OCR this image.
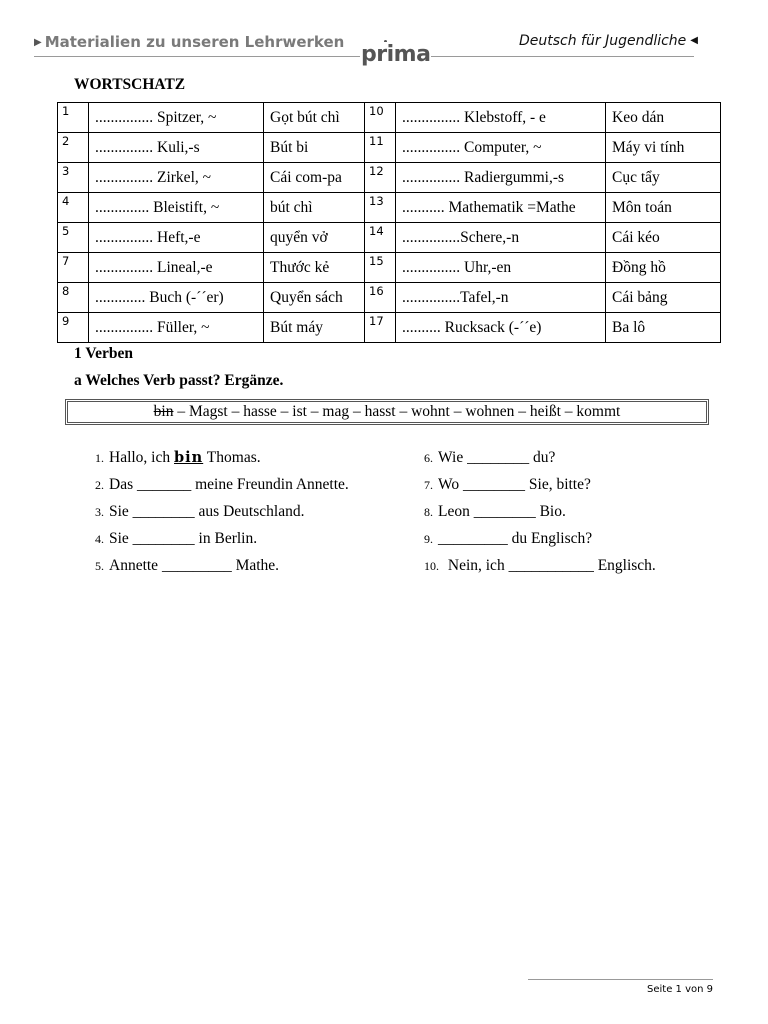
▶ Materialien zu unseren Lehrwerken prima
Deutsch für Jugendliche ◀
WORTSCHATZ
1	............... Spitzer, ~	Gọt bút chì	10	............... Klebstoff, - e	Keo dán
2	............... Kuli,-s	Bút bi	11	............... Computer, ~	Máy vi tính
3	............... Zirkel, ~	Cái com-pa	12	............... Radiergummi,-s	Cục tẩy
4	.............. Bleistift, ~	bút chì	13	........... Mathematik =Mathe	Môn toán
5	............... Heft,-e	quyển vở	14	...............Schere,-n	Cái kéo
7	............... Lineal,-e	Thước kẻ	15	............... Uhr,-en	Đồng hồ
8	............. Buch (-´´er)	Quyển sách	16	...............Tafel,-n	Cái bảng
9	............... Füller, ~	Bút máy	17	.......... Rucksack (-´´e)	Ba lô
1 Verben
a Welches Verb passt? Ergänze.
bin – Magst – hasse – ist – mag – hasst – wohnt – wohnen – heißt – kommt
1. Hallo, ich bin Thomas.
2. Das _______ meine Freundin Annette.
3. Sie ________ aus Deutschland.
4. Sie ________ in Berlin.
5. Annette _________ Mathe.
6. Wie ________ du?
7. Wo ________ Sie, bitte?
8. Leon ________ Bio.
9. _________ du Englisch?
10. Nein, ich ___________ Englisch.
Seite 1 von 9
